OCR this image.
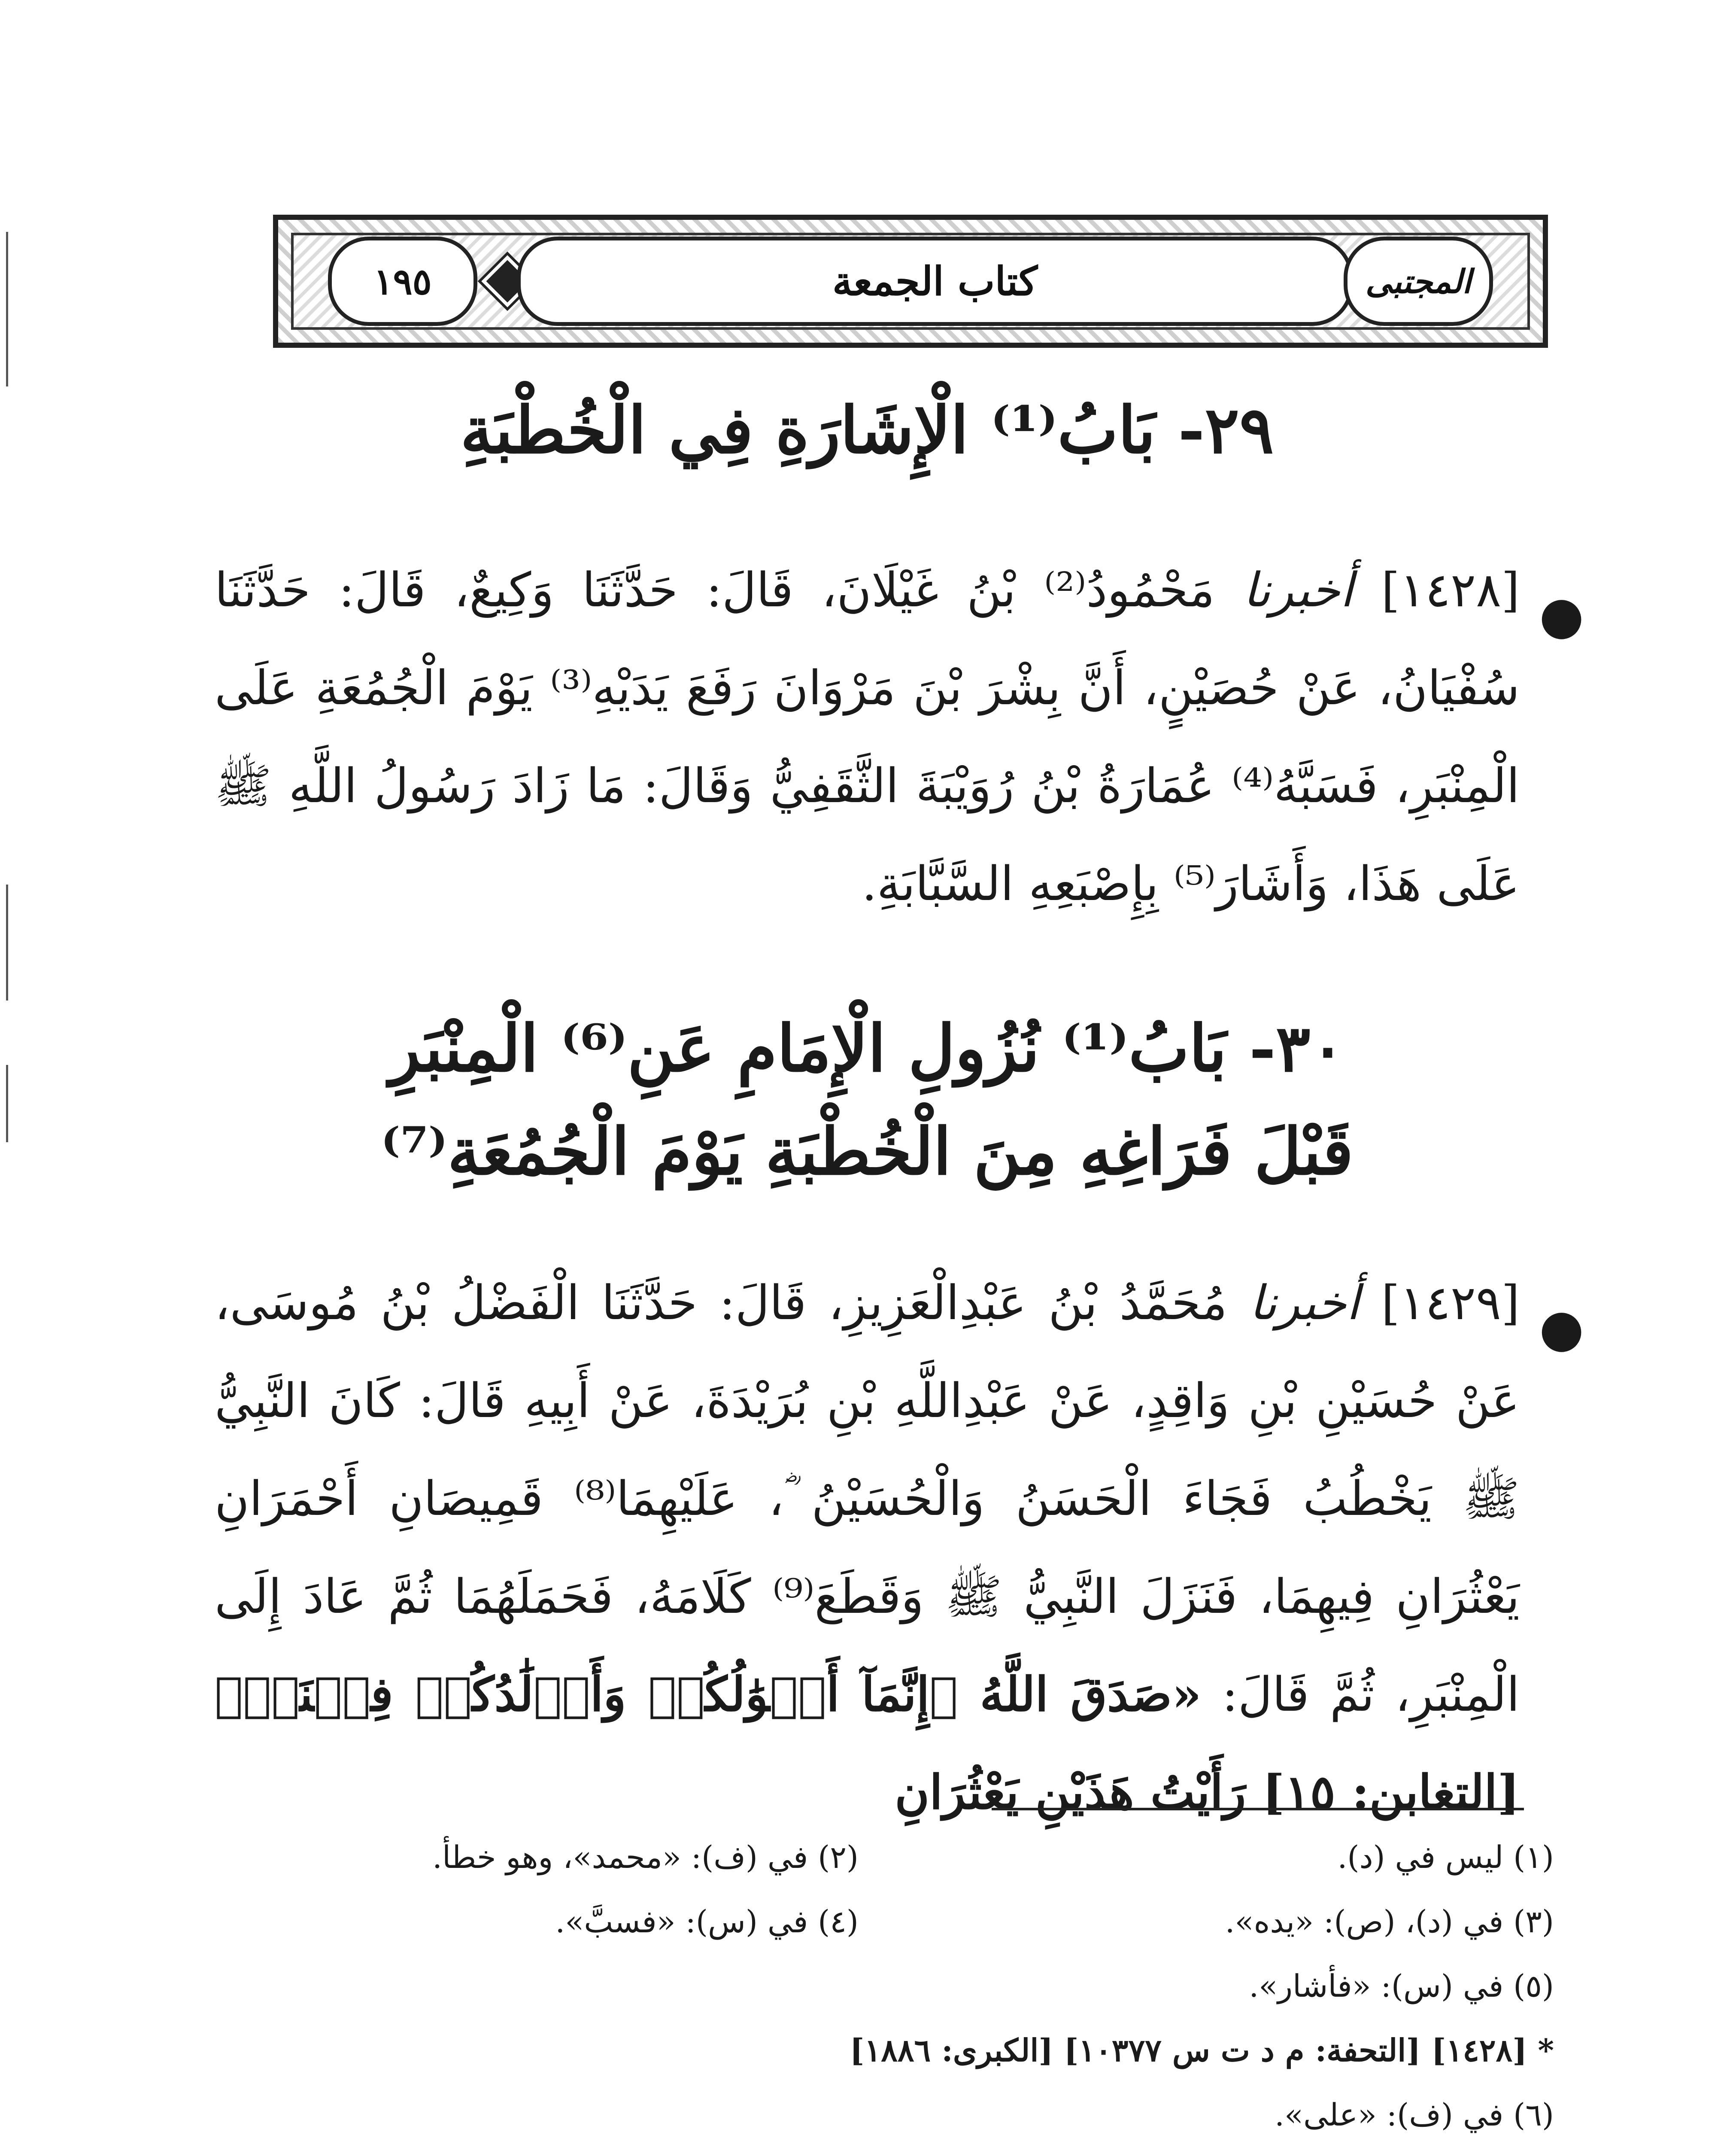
١٩٥	كتاب الجمعة	المجتبى
٢٩- بَابُ⁽¹⁾ الْإِشَارَةِ فِي الْخُطْبَةِ

●
[١٤٢٨] أخبرنا مَحْمُودُ⁽²⁾ بْنُ غَيْلَانَ، قَالَ: حَدَّثَنَا وَكِيعٌ، قَالَ: حَدَّثَنَا سُفْيَانُ، عَنْ حُصَيْنٍ، أَنَّ بِشْرَ بْنَ مَرْوَانَ رَفَعَ يَدَيْهِ⁽³⁾ يَوْمَ الْجُمُعَةِ عَلَى الْمِنْبَرِ، فَسَبَّهُ⁽⁴⁾ عُمَارَةُ بْنُ رُوَيْبَةَ الثَّقَفِيُّ وَقَالَ: مَا زَادَ رَسُولُ اللَّهِ ﷺ عَلَى هَذَا، وَأَشَارَ⁽⁵⁾ بِإِصْبَعِهِ السَّبَّابَةِ.

٣٠- بَابُ⁽¹⁾ نُزُولِ الْإِمَامِ عَنِ⁽⁶⁾ الْمِنْبَرِ
قَبْلَ فَرَاغِهِ مِنَ الْخُطْبَةِ يَوْمَ الْجُمُعَةِ⁽⁷⁾

●
[١٤٢٩] أخبرنا مُحَمَّدُ بْنُ عَبْدِالْعَزِيزِ، قَالَ: حَدَّثَنَا الْفَضْلُ بْنُ مُوسَى، عَنْ حُسَيْنِ بْنِ وَاقِدٍ، عَنْ عَبْدِاللَّهِ بْنِ بُرَيْدَةَ، عَنْ أَبِيهِ قَالَ: كَانَ النَّبِيُّ ﷺ يَخْطُبُ فَجَاءَ الْحَسَنُ وَالْحُسَيْنُ ؓ، عَلَيْهِمَا⁽⁸⁾ قَمِيصَانِ أَحْمَرَانِ يَعْثُرَانِ فِيهِمَا، فَنَزَلَ النَّبِيُّ ﷺ وَقَطَعَ⁽⁹⁾ كَلَامَهُ، فَحَمَلَهُمَا ثُمَّ عَادَ إِلَى الْمِنْبَرِ، ثُمَّ قَالَ: «صَدَقَ اللَّهُ ﴿إِنَّمَآ أَمۡوَٰلُكُمۡ وَأَوۡلَٰدُكُمۡ فِتۡنَةٞ﴾ [التغابن: ١٥] رَأَيْتُ هَذَيْنِ يَعْثُرَانِ

(١) ليس في (د).
(٢) في (ف): «محمد»، وهو خطأ.
(٣) في (د)، (ص): «يده».
(٤) في (س): «فسبَّ».
(٥) في (س): «فأشار».
* [١٤٢٨] [التحفة: م د ت س ١٠٣٧٧] [الكبرى: ١٨٨٦]
(٦) في (ف): «على».
